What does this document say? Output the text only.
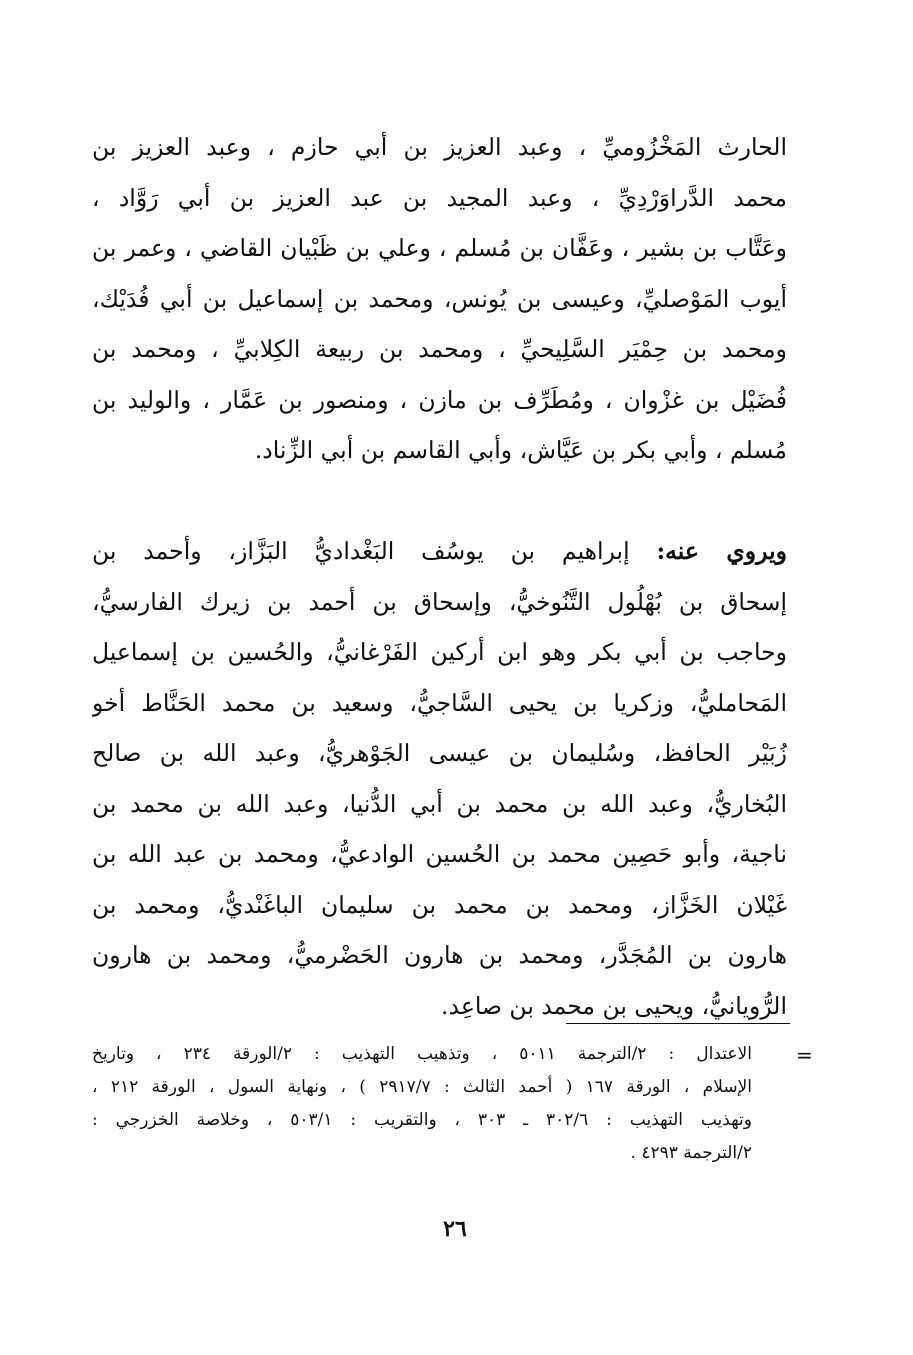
الحارث المَخْزُوميِّ ، وعبد العزيز بن أبي حازم ، وعبد العزيز بن
محمد الدَّراوَرْدِيِّ ، وعبد المجيد بن عبد العزيز بن أبي رَوَّاد ،
وعَتَّاب بن بشير ، وعَفَّان بن مُسلم ، وعلي بن ظَبْيان القاضي ، وعمر بن
أيوب المَوْصليِّ، وعيسى بن يُونس، ومحمد بن إسماعيل بن أبي فُدَيْك،
ومحمد بن حِمْيَر السَّلِيحيِّ ، ومحمد بن ربيعة الكِلابيِّ ، ومحمد بن
فُضَيْل بن غزْوان ، ومُطَرِّف بن مازن ، ومنصور بن عَمَّار ، والوليد بن
مُسلم ، وأبي بكر بن عَيَّاش، وأبي القاسم بن أبي الزِّناد.
ويروي عنه: إبراهيم بن يوسُف البَغْداديُّ البَزَّاز، وأحمد بن
إسحاق بن بُهْلُول التَّنُوخيُّ، وإسحاق بن أحمد بن زيرك الفارسيُّ،
وحاجب بن أبي بكر وهو ابن أركين الفَرْغانيُّ، والحُسين بن إسماعيل
المَحامليُّ، وزكريا بن يحيى السَّاجيُّ، وسعيد بن محمد الحَنَّاط أخو
زُبَيْر الحافظ، وسُليمان بن عيسى الجَوْهريُّ، وعبد الله بن صالح
البُخاريُّ، وعبد الله بن محمد بن أبي الدُّنيا، وعبد الله بن محمد بن
ناجية، وأبو حَصِين محمد بن الحُسين الوادعيُّ، ومحمد بن عبد الله بن
غَيْلان الخَزَّاز، ومحمد بن محمد بن سليمان الباغَنْديُّ، ومحمد بن
هارون بن المُجَدَّر، ومحمد بن هارون الحَضْرميُّ، ومحمد بن هارون
الرُّويانيُّ، ويحيى بن محمد بن صاعِد.
=
الاعتدال : ٢/الترجمة ٥٠١١ ، وتذهيب التهذيب : ٢/الورقة ٢٣٤ ، وتاريخ
الإسلام ، الورقة ١٦٧ ( أحمد الثالث : ٢٩١٧/٧ ) ، ونهاية السول ، الورقة ٢١٢ ،
وتهذيب التهذيب : ٣٠٢/٦ ـ ٣٠٣ ، والتقريب : ٥٠٣/١ ، وخلاصة الخزرجي :
٢/الترجمة ٤٢٩٣ .
٢٦
